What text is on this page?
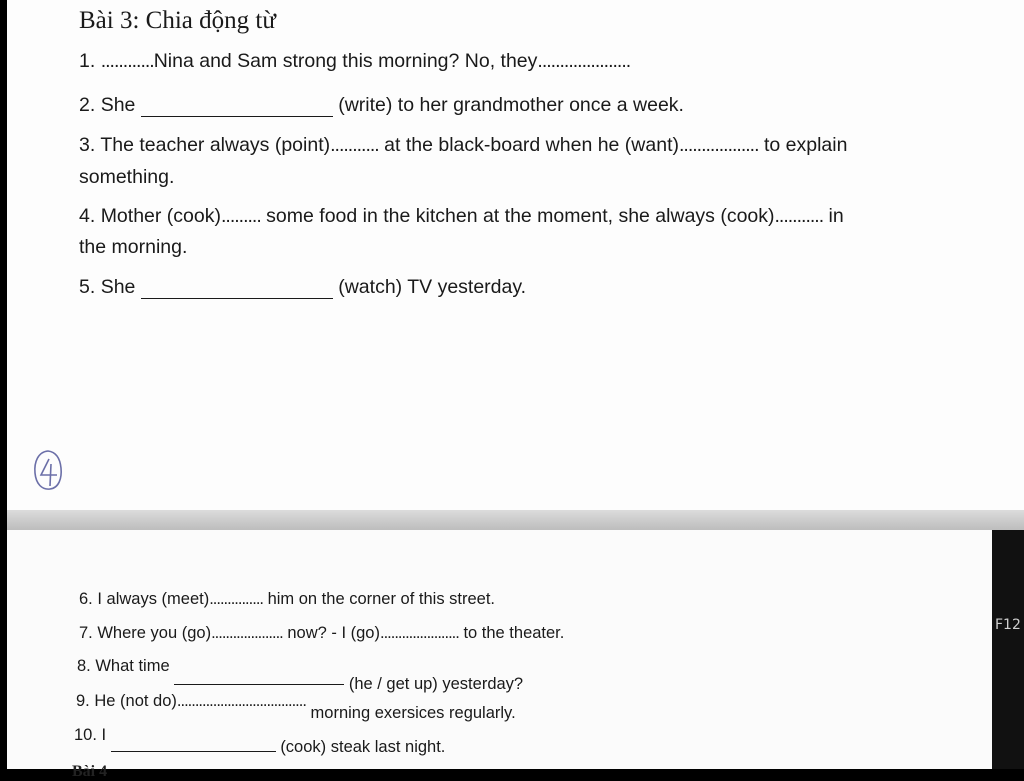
F12
Bài 3: Chia động từ
1. ............Nina and Sam strong this morning? No, they.....................
2. She	(write) to her grandmother once a week.
3. The teacher always (point)........... at the black-board when he (want).................. to explain
something.
4. Mother (cook)......... some food in the kitchen at the moment, she always (cook)........... in
the morning.
5. She	(watch) TV yesterday.
6. I always (meet)............... him on the corner of this street.
7. Where you (go).................... now? - I (go)...................... to the theater.
8. What time  (he / get up) yesterday?
9. He (not do).................................... morning exersices regularly.
10. I  (cook) steak last night.
Bài 4
